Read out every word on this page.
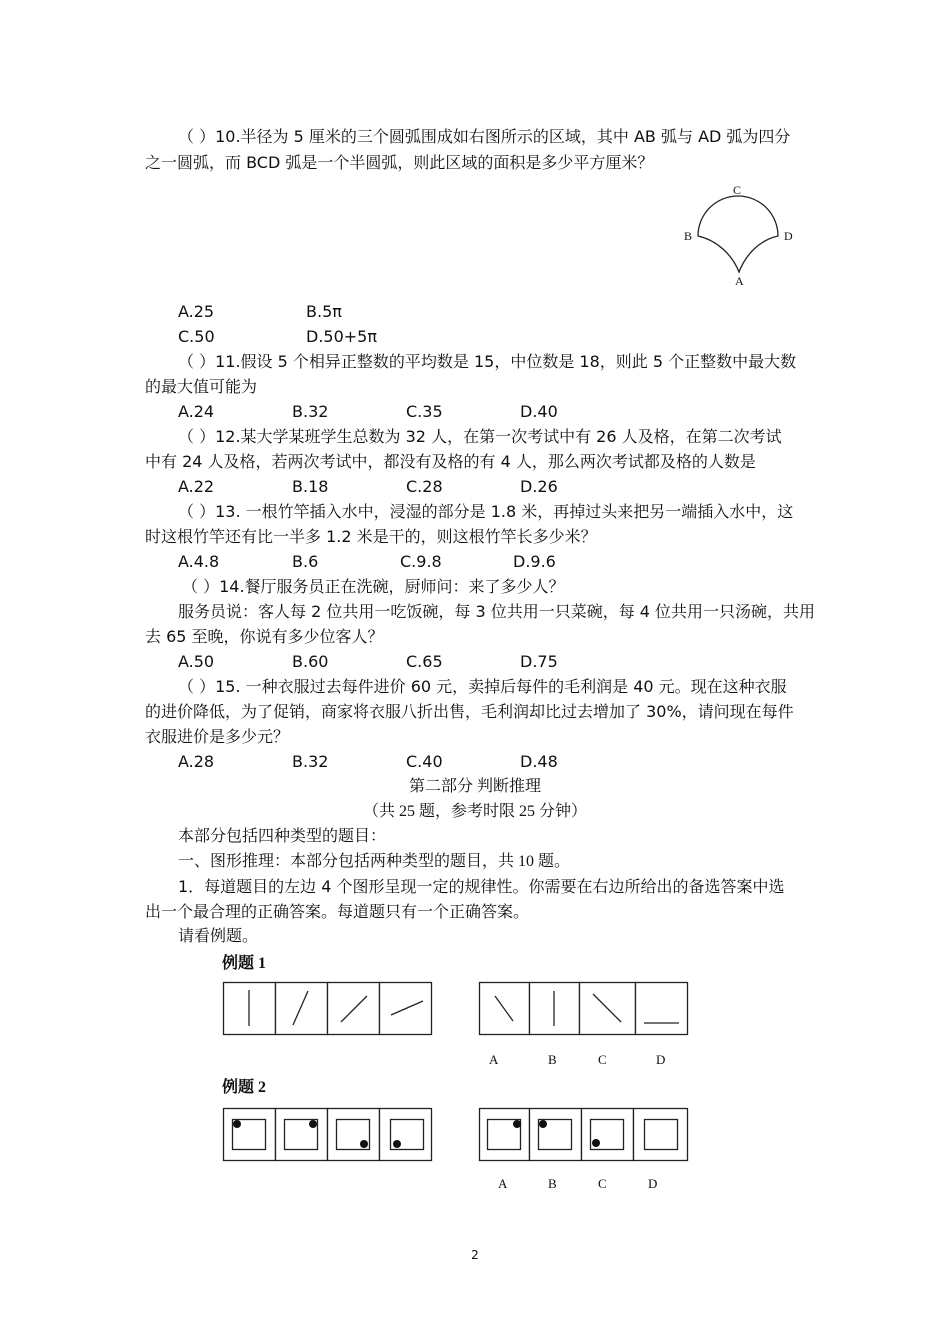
（ ）10.半径为 5 厘米的三个圆弧围成如右图所示的区域，其中 AB 弧与 AD 弧为四分
之一圆弧，而 BCD 弧是一个半圆弧，则此区域的面积是多少平方厘米？
C
B	D
A
A.25	B.5π
C.50	D.50+5π
（ ）11.假设 5 个相异正整数的平均数是 15，中位数是 18，则此 5 个正整数中最大数
的最大值可能为
A.24	B.32	C.35	D.40
（ ）12.某大学某班学生总数为 32 人，在第一次考试中有 26 人及格，在第二次考试
中有 24 人及格，若两次考试中，都没有及格的有 4 人，那么两次考试都及格的人数是
A.22	B.18	C.28	D.26
（ ）13. 一根竹竿插入水中，浸湿的部分是 1.8 米，再掉过头来把另一端插入水中，这
时这根竹竿还有比一半多 1.2 米是干的，则这根竹竿长多少米？
A.4.8	B.6	C.9.8	D.9.6
（ ）14.餐厅服务员正在洗碗，厨师问：来了多少人？
服务员说：客人每 2 位共用一吃饭碗，每 3 位共用一只菜碗，每 4 位共用一只汤碗，共用
去 65 至晚，你说有多少位客人？
A.50	B.60	C.65	D.75
（ ）15. 一种衣服过去每件进价 60 元，卖掉后每件的毛利润是 40 元。现在这种衣服
的进价降低，为了促销，商家将衣服八折出售，毛利润却比过去增加了 30%，请问现在每件
衣服进价是多少元？
A.28	B.32	C.40	D.48
第二部分 判断推理
（共 25 题，参考时限 25 分钟）
本部分包括四种类型的题目：
一、图形推理：本部分包括两种类型的题目，共 10 题。
1．每道题目的左边 4 个图形呈现一定的规律性。你需要在右边所给出的备选答案中选
出一个最合理的正确答案。每道题只有一个正确答案。
请看例题。
例题 1
A	B	C	D
例题 2
A	B	C	D
2
